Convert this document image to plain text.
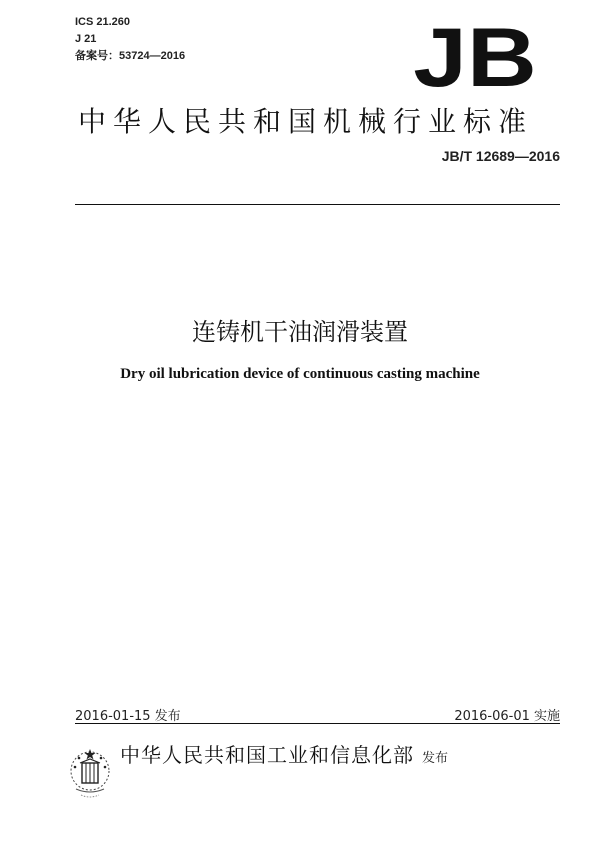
ICS 21.260
J 21
备案号：53724—2016	JB
中华人民共和国机械行业标准
JB/T 12689—2016
连铸机干油润滑装置
Dry oil lubrication device of continuous casting machine
2016-01-15 发布	2016-06-01 实施
中华人民共和国工业和信息化部 发布
